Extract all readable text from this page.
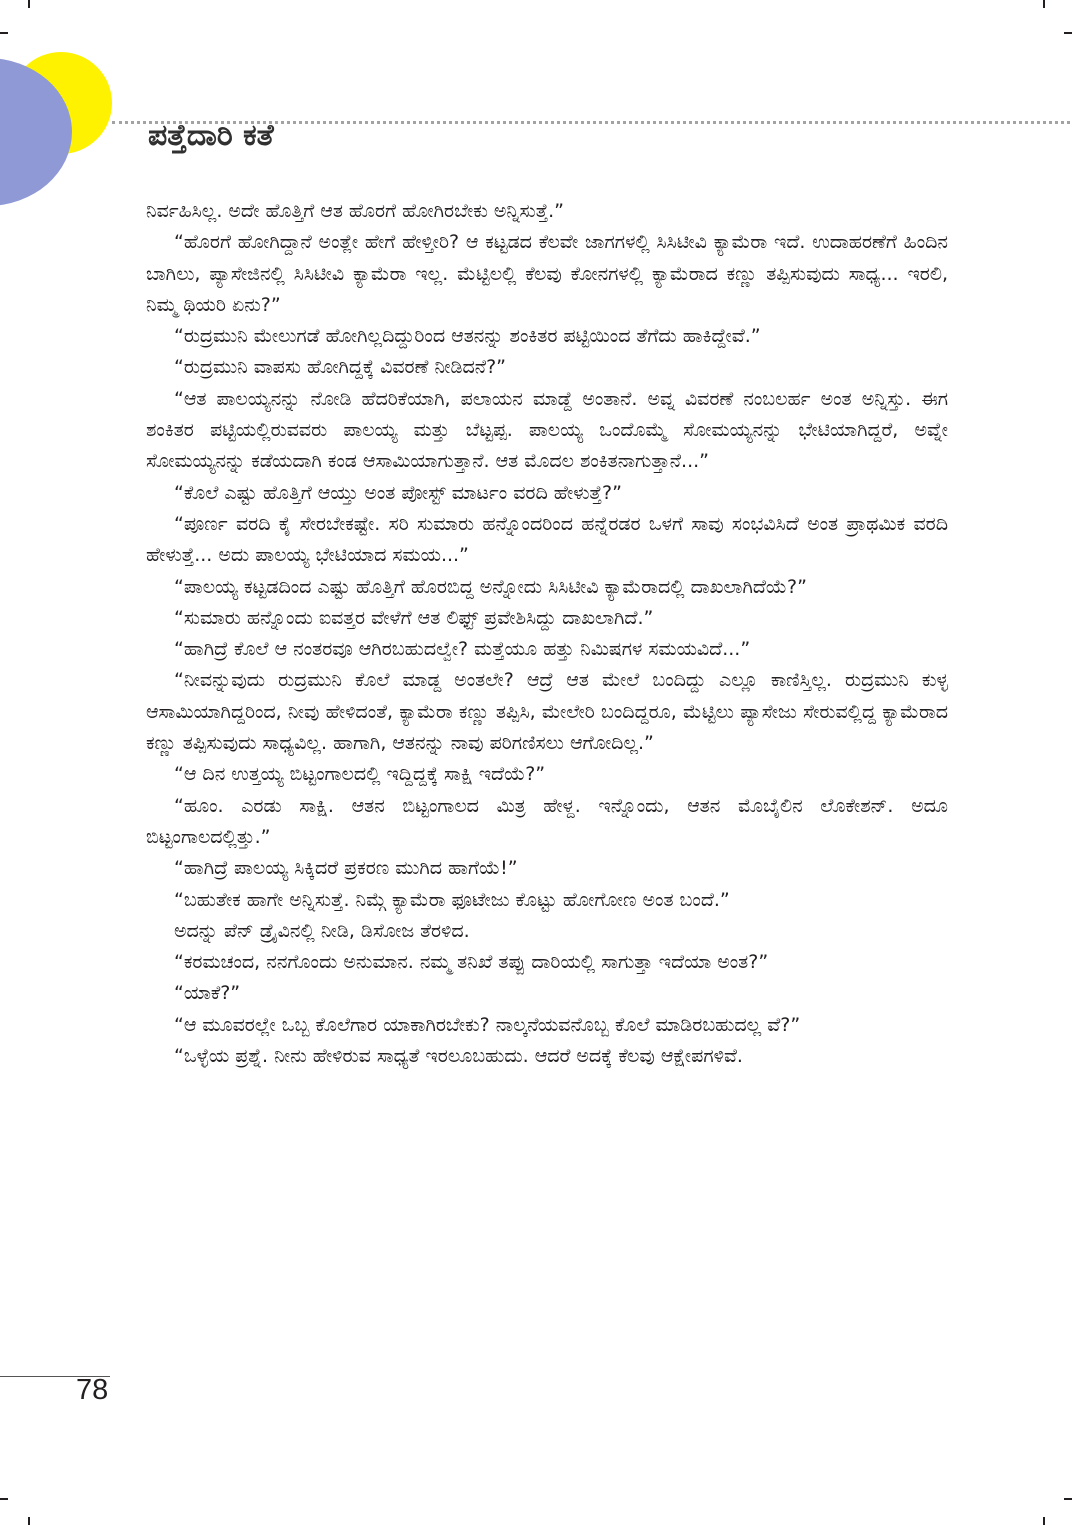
ಪತ್ತೆದಾರಿ ಕತೆ

ನಿರ್ವಹಿಸಿಲ್ಲ. ಅದೇ ಹೊತ್ತಿಗೆ ಆತ ಹೊರಗೆ ಹೋಗಿರಬೇಕು ಅನ್ನಿಸುತ್ತೆ.”

“ಹೊರಗೆ ಹೋಗಿದ್ದಾನೆ ಅಂತ್ಲೇ ಹೇಗೆ ಹೇಳ್ತೀರಿ? ಆ ಕಟ್ಟಡದ ಕೆಲವೇ ಜಾಗಗಳಲ್ಲಿ ಸಿಸಿಟೀವಿ ಕ್ಯಾಮೆರಾ ಇದೆ. ಉದಾಹರಣೆಗೆ ಹಿಂದಿನ ಬಾಗಿಲು, ಪ್ಯಾಸೇಜಿನಲ್ಲಿ ಸಿಸಿಟೀವಿ ಕ್ಯಾಮೆರಾ ಇಲ್ಲ. ಮೆಟ್ಟಿಲಲ್ಲಿ ಕೆಲವು ಕೋನಗಳಲ್ಲಿ ಕ್ಯಾಮೆರಾದ ಕಣ್ಣು ತಪ್ಪಿಸುವುದು ಸಾಧ್ಯ... ಇರಲಿ, ನಿಮ್ಮ ಥಿಯರಿ ಏನು?”

“ರುದ್ರಮುನಿ ಮೇಲುಗಡೆ ಹೋಗಿಲ್ಲದಿದ್ದುರಿಂದ ಆತನನ್ನು ಶಂಕಿತರ ಪಟ್ಟಿಯಿಂದ ತೆಗೆದು ಹಾಕಿದ್ದೇವೆ.”

“ರುದ್ರಮುನಿ ವಾಪಸು ಹೋಗಿದ್ದಕ್ಕೆ ವಿವರಣೆ ನೀಡಿದನೆ?”

“ಆತ ಪಾಲಯ್ಯನನ್ನು ನೋಡಿ ಹೆದರಿಕೆಯಾಗಿ, ಪಲಾಯನ ಮಾಡ್ದೆ ಅಂತಾನೆ. ಅವ್ನ ವಿವರಣೆ ನಂಬಲರ್ಹ ಅಂತ ಅನ್ನಿಸ್ತು. ಈಗ ಶಂಕಿತರ ಪಟ್ಟಿಯಲ್ಲಿರುವವರು ಪಾಲಯ್ಯ ಮತ್ತು ಬೆಟ್ಟಪ್ಪ. ಪಾಲಯ್ಯ ಒಂದೊಮ್ಮೆ ಸೋಮಯ್ಯನನ್ನು ಭೇಟಿಯಾಗಿದ್ದರೆ, ಅವ್ನೇ ಸೋಮಯ್ಯನನ್ನು ಕಡೆಯದಾಗಿ ಕಂಡ ಆಸಾಮಿಯಾಗುತ್ತಾನೆ. ಆತ ಮೊದಲ ಶಂಕಿತನಾಗುತ್ತಾನೆ...”

“ಕೊಲೆ ಎಷ್ಟು ಹೊತ್ತಿಗೆ ಆಯ್ತು ಅಂತ ಪೋಸ್ಟ್ ಮಾರ್ಟಂ ವರದಿ ಹೇಳುತ್ತೆ?”

“ಪೂರ್ಣ ವರದಿ ಕೈ ಸೇರಬೇಕಷ್ಟೇ. ಸರಿ ಸುಮಾರು ಹನ್ನೊಂದರಿಂದ ಹನ್ನೆರಡರ ಒಳಗೆ ಸಾವು ಸಂಭವಿಸಿದೆ ಅಂತ ಪ್ರಾಥಮಿಕ ವರದಿ ಹೇಳುತ್ತೆ... ಅದು ಪಾಲಯ್ಯ ಭೇಟಿಯಾದ ಸಮಯ...”

“ಪಾಲಯ್ಯ ಕಟ್ಟಡದಿಂದ ಎಷ್ಟು ಹೊತ್ತಿಗೆ ಹೊರಬಿದ್ದ ಅನ್ನೋದು ಸಿಸಿಟೀವಿ ಕ್ಯಾಮೆರಾದಲ್ಲಿ ದಾಖಲಾಗಿದೆಯೆ?”

“ಸುಮಾರು ಹನ್ನೊಂದು ಐವತ್ತರ ವೇಳೆಗೆ ಆತ ಲಿಫ್ಟ್ ಪ್ರವೇಶಿಸಿದ್ದು ದಾಖಲಾಗಿದೆ.”

“ಹಾಗಿದ್ರೆ ಕೊಲೆ ಆ ನಂತರವೂ ಆಗಿರಬಹುದಲ್ವೇ? ಮತ್ತೆಯೂ ಹತ್ತು ನಿಮಿಷಗಳ ಸಮಯವಿದೆ...”

“ನೀವನ್ನುವುದು ರುದ್ರಮುನಿ ಕೊಲೆ ಮಾಡ್ದ ಅಂತಲೇ? ಆದ್ರೆ ಆತ ಮೇಲೆ ಬಂದಿದ್ದು ಎಲ್ಲೂ ಕಾಣಿಸ್ತಿಲ್ಲ. ರುದ್ರಮುನಿ ಕುಳ್ಳ ಆಸಾಮಿಯಾಗಿದ್ದರಿಂದ, ನೀವು ಹೇಳಿದಂತೆ, ಕ್ಯಾಮೆರಾ ಕಣ್ಣು ತಪ್ಪಿಸಿ, ಮೇಲೇರಿ ಬಂದಿದ್ದರೂ, ಮೆಟ್ಟಿಲು ಪ್ಯಾಸೇಜು ಸೇರುವಲ್ಲಿದ್ದ ಕ್ಯಾಮೆರಾದ ಕಣ್ಣು ತಪ್ಪಿಸುವುದು ಸಾಧ್ಯವಿಲ್ಲ. ಹಾಗಾಗಿ, ಆತನನ್ನು ನಾವು ಪರಿಗಣಿಸಲು ಆಗೋದಿಲ್ಲ.”

“ಆ ದಿನ ಉತ್ತಯ್ಯ ಬಿಟ್ಟಂಗಾಲದಲ್ಲಿ ಇದ್ದಿದ್ದಕ್ಕೆ ಸಾಕ್ಷಿ ಇದೆಯೆ?”

“ಹೂಂ. ಎರಡು ಸಾಕ್ಷಿ. ಆತನ ಬಿಟ್ಟಂಗಾಲದ ಮಿತ್ರ ಹೇಳ್ದ. ಇನ್ನೊಂದು, ಆತನ ಮೊಬೈಲಿನ ಲೊಕೇಶನ್. ಅದೂ ಬಿಟ್ಟಂಗಾಲದಲ್ಲಿತ್ತು.”

“ಹಾಗಿದ್ರೆ ಪಾಲಯ್ಯ ಸಿಕ್ಕಿದರೆ ಪ್ರಕರಣ ಮುಗಿದ ಹಾಗೆಯೆ!”

“ಬಹುತೇಕ ಹಾಗೇ ಅನ್ನಿಸುತ್ತೆ. ನಿಮ್ಗೆ ಕ್ಯಾಮೆರಾ ಫೂಟೇಜು ಕೊಟ್ಟು ಹೋಗೋಣ ಅಂತ ಬಂದೆ.”

ಅದನ್ನು ಪೆನ್ ಡ್ರೈವಿನಲ್ಲಿ ನೀಡಿ, ಡಿಸೋಜ ತೆರಳಿದ.

“ಕರಮಚಂದ, ನನಗೊಂದು ಅನುಮಾನ. ನಮ್ಮ ತನಿಖೆ ತಪ್ಪು ದಾರಿಯಲ್ಲಿ ಸಾಗುತ್ತಾ ಇದೆಯಾ ಅಂತ?”

“ಯಾಕೆ?”

“ಆ ಮೂವರಲ್ಲೇ ಒಬ್ಬ ಕೊಲೆಗಾರ ಯಾಕಾಗಿರಬೇಕು? ನಾಲ್ಕನೆಯವನೊಬ್ಬ ಕೊಲೆ ಮಾಡಿರಬಹುದಲ್ಲ ವೆ?”

“ಒಳ್ಳೆಯ ಪ್ರಶ್ನೆ. ನೀನು ಹೇಳಿರುವ ಸಾಧ್ಯತೆ ಇರಲೂಬಹುದು. ಆದರೆ ಅದಕ್ಕೆ ಕೆಲವು ಆಕ್ಷೇಪಗಳಿವೆ.

78
